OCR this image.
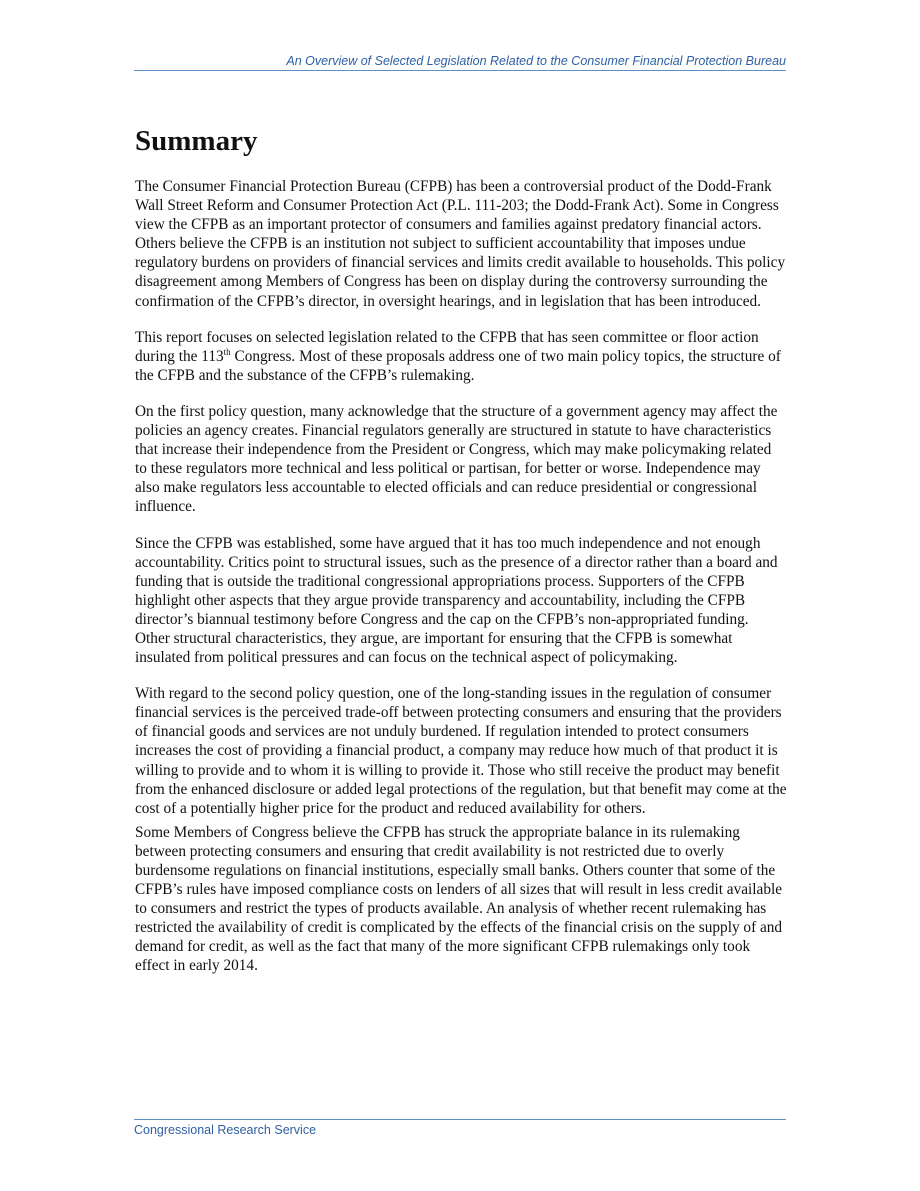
An Overview of Selected Legislation Related to the Consumer Financial Protection Bureau
Summary

The Consumer Financial Protection Bureau (CFPB) has been a controversial product of the Dodd-Frank Wall Street Reform and Consumer Protection Act (P.L. 111-203; the Dodd-Frank Act). Some in Congress view the CFPB as an important protector of consumers and families against predatory financial actors. Others believe the CFPB is an institution not subject to sufficient accountability that imposes undue regulatory burdens on providers of financial services and limits credit available to households. This policy disagreement among Members of Congress has been on display during the controversy surrounding the confirmation of the CFPB’s director, in oversight hearings, and in legislation that has been introduced.

This report focuses on selected legislation related to the CFPB that has seen committee or floor action during the 113th Congress. Most of these proposals address one of two main policy topics, the structure of the CFPB and the substance of the CFPB’s rulemaking.

On the first policy question, many acknowledge that the structure of a government agency may affect the policies an agency creates. Financial regulators generally are structured in statute to have characteristics that increase their independence from the President or Congress, which may make policymaking related to these regulators more technical and less political or partisan, for better or worse. Independence may also make regulators less accountable to elected officials and can reduce presidential or congressional influence.

Since the CFPB was established, some have argued that it has too much independence and not enough accountability. Critics point to structural issues, such as the presence of a director rather than a board and funding that is outside the traditional congressional appropriations process. Supporters of the CFPB highlight other aspects that they argue provide transparency and accountability, including the CFPB director’s biannual testimony before Congress and the cap on the CFPB’s non-appropriated funding. Other structural characteristics, they argue, are important for ensuring that the CFPB is somewhat insulated from political pressures and can focus on the technical aspect of policymaking.

With regard to the second policy question, one of the long-standing issues in the regulation of consumer financial services is the perceived trade-off between protecting consumers and ensuring that the providers of financial goods and services are not unduly burdened. If regulation intended to protect consumers increases the cost of providing a financial product, a company may reduce how much of that product it is willing to provide and to whom it is willing to provide it. Those who still receive the product may benefit from the enhanced disclosure or added legal protections of the regulation, but that benefit may come at the cost of a potentially higher price for the product and reduced availability for others.

Some Members of Congress believe the CFPB has struck the appropriate balance in its rulemaking between protecting consumers and ensuring that credit availability is not restricted due to overly burdensome regulations on financial institutions, especially small banks. Others counter that some of the CFPB’s rules have imposed compliance costs on lenders of all sizes that will result in less credit available to consumers and restrict the types of products available. An analysis of whether recent rulemaking has restricted the availability of credit is complicated by the effects of the financial crisis on the supply of and demand for credit, as well as the fact that many of the more significant CFPB rulemakings only took effect in early 2014.

Congressional Research Service
